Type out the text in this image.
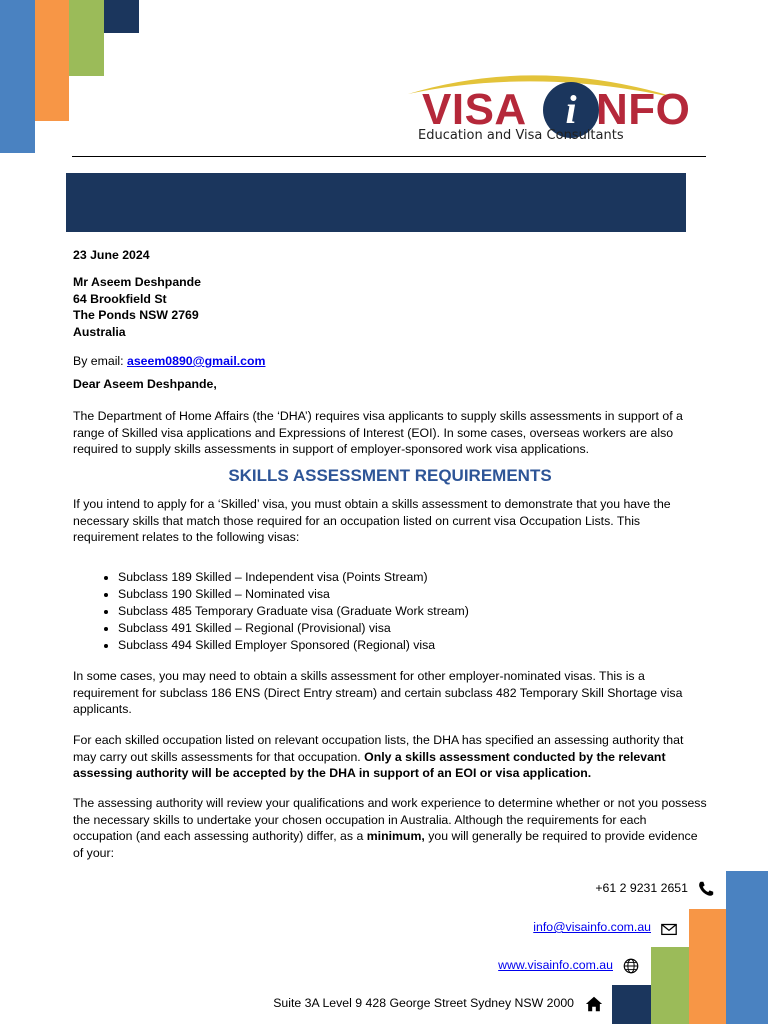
VISA i NFO
Education and Visa Consultants
23 June 2024
Mr Aseem Deshpande
64 Brookfield St
The Ponds NSW 2769
Australia
By email: aseem0890@gmail.com
Dear Aseem Deshpande,
The Department of Home Affairs (the ‘DHA’) requires visa applicants to supply skills assessments in support of a range of Skilled visa applications and Expressions of Interest (EOI). In some cases, overseas workers are also required to supply skills assessments in support of employer-sponsored work visa applications.
SKILLS ASSESSMENT REQUIREMENTS
If you intend to apply for a ‘Skilled’ visa, you must obtain a skills assessment to demonstrate that you have the necessary skills that match those required for an occupation listed on current visa Occupation Lists. This requirement relates to the following visas:
• Subclass 189 Skilled – Independent visa (Points Stream)
• Subclass 190 Skilled – Nominated visa
• Subclass 485 Temporary Graduate visa (Graduate Work stream)
• Subclass 491 Skilled – Regional (Provisional) visa
• Subclass 494 Skilled Employer Sponsored (Regional) visa
In some cases, you may need to obtain a skills assessment for other employer-nominated visas. This is a requirement for subclass 186 ENS (Direct Entry stream) and certain subclass 482 Temporary Skill Shortage visa applicants.
For each skilled occupation listed on relevant occupation lists, the DHA has specified an assessing authority that may carry out skills assessments for that occupation. Only a skills assessment conducted by the relevant assessing authority will be accepted by the DHA in support of an EOI or visa application.
The assessing authority will review your qualifications and work experience to determine whether or not you possess the necessary skills to undertake your chosen occupation in Australia. Although the requirements for each occupation (and each assessing authority) differ, as a minimum, you will generally be required to provide evidence of your:
+61 2 9231 2651
info@visainfo.com.au
www.visainfo.com.au
Suite 3A Level 9 428 George Street Sydney NSW 2000
